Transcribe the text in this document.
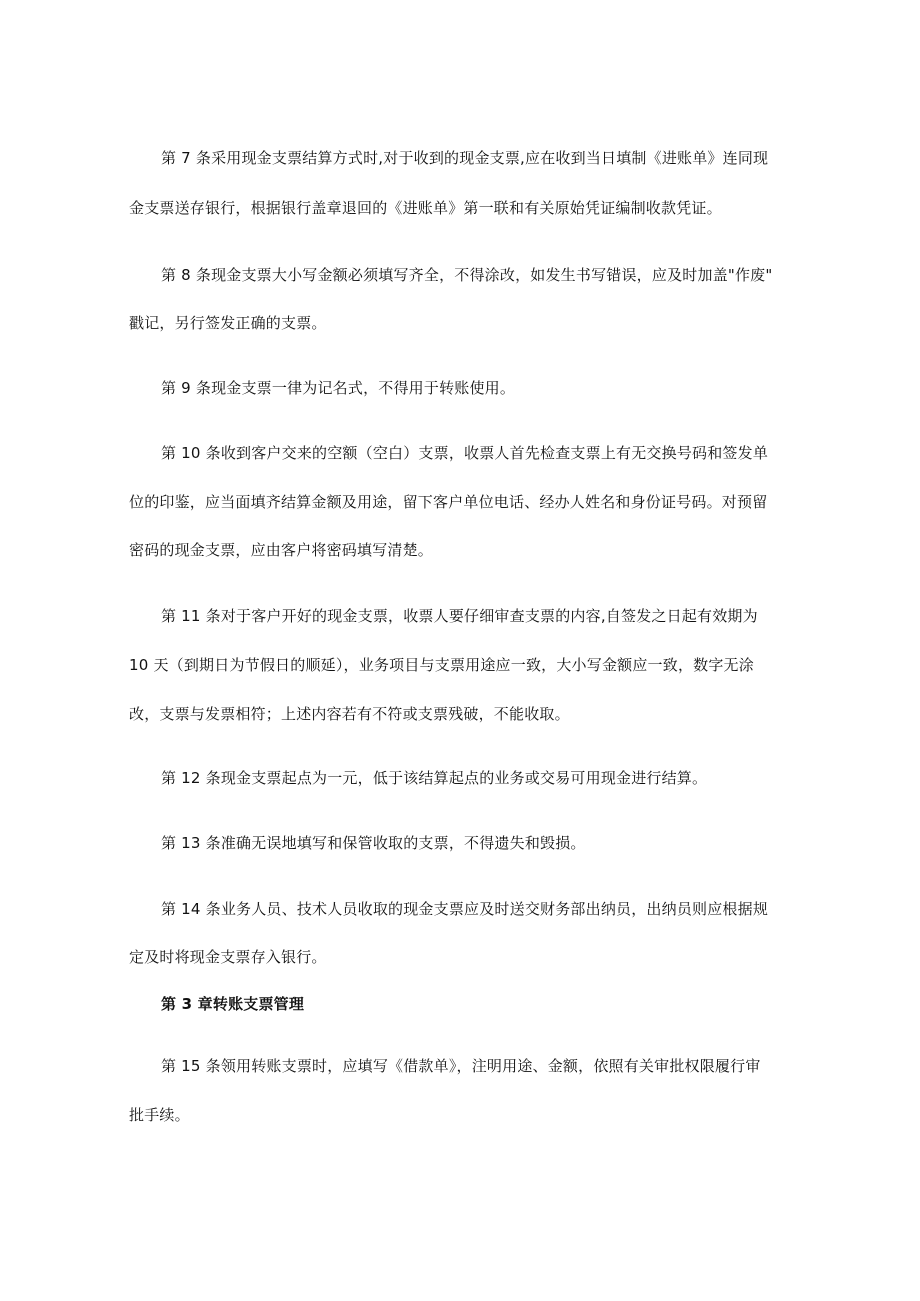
第 7 条采用现金支票结算方式时,对于收到的现金支票,应在收到当日填制《进账单》连同现
金支票送存银行，根据银行盖章退回的《进账单》第一联和有关原始凭证编制收款凭证。
第 8 条现金支票大小写金额必须填写齐全，不得涂改，如发生书写错误，应及时加盖"作废"
戳记，另行签发正确的支票。
第 9 条现金支票一律为记名式，不得用于转账使用。
第 10 条收到客户交来的空额（空白）支票，收票人首先检查支票上有无交换号码和签发单
位的印鉴，应当面填齐结算金额及用途，留下客户单位电话、经办人姓名和身份证号码。对预留
密码的现金支票，应由客户将密码填写清楚。
第 11 条对于客户开好的现金支票，收票人要仔细审查支票的内容,自签发之日起有效期为
10 天（到期日为节假日的顺延），业务项目与支票用途应一致，大小写金额应一致，数字无涂
改，支票与发票相符；上述内容若有不符或支票残破，不能收取。
第 12 条现金支票起点为一元，低于该结算起点的业务或交易可用现金进行结算。
第 13 条准确无误地填写和保管收取的支票，不得遗失和毁损。
第 14 条业务人员、技术人员收取的现金支票应及时送交财务部出纳员，出纳员则应根据规
定及时将现金支票存入银行。
第 3 章转账支票管理
第 15 条领用转账支票时，应填写《借款单》，注明用途、金额，依照有关审批权限履行审
批手续。
